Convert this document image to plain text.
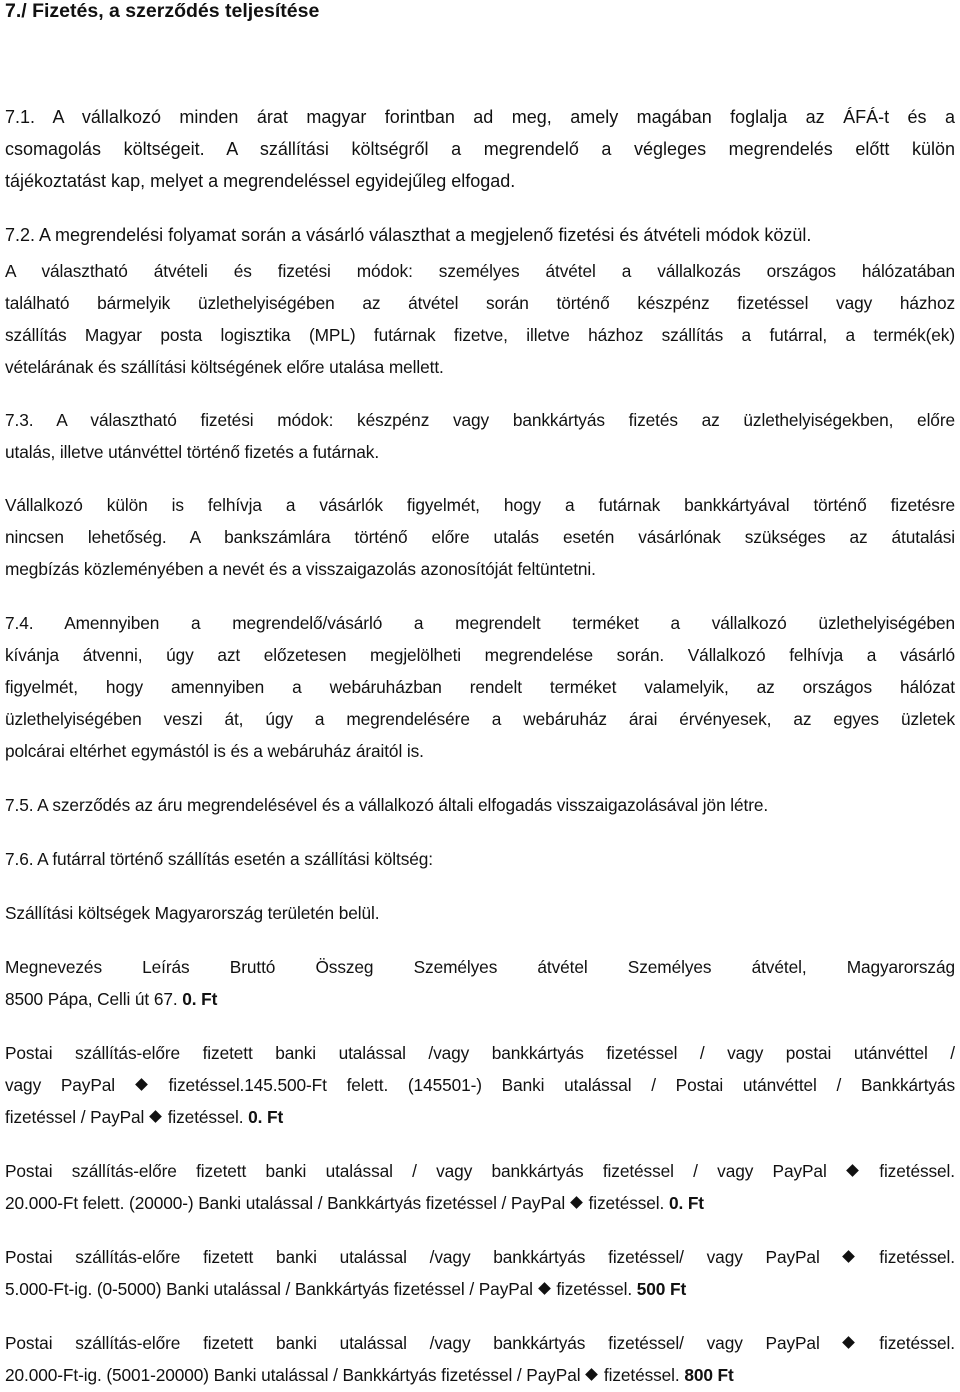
7./ Fizetés, a szerződés teljesítése
7.1. A vállalkozó minden árat magyar forintban ad meg, amely magában foglalja az ÁFÁ-t és a
csomagolás költségeit. A szállítási költségről a megrendelő a végleges megrendelés előtt külön
tájékoztatást kap, melyet a megrendeléssel egyidejűleg elfogad.
7.2. A megrendelési folyamat során a vásárló választhat a megjelenő fizetési és átvételi módok közül.
A választható átvételi és fizetési módok: személyes átvétel a vállalkozás országos hálózatában
található bármelyik üzlethelyiségében az átvétel során történő készpénz fizetéssel vagy házhoz
szállítás Magyar posta logisztika (MPL) futárnak fizetve, illetve házhoz szállítás a futárral, a termék(ek)
vételárának és szállítási költségének előre utalása mellett.
7.3. A választható fizetési módok: készpénz vagy bankkártyás fizetés az üzlethelyiségekben, előre
utalás, illetve utánvéttel történő fizetés a futárnak.
Vállalkozó külön is felhívja a vásárlók figyelmét, hogy a futárnak bankkártyával történő fizetésre
nincsen lehetőség. A bankszámlára történő előre utalás esetén vásárlónak szükséges az átutalási
megbízás közleményében a nevét és a visszaigazolás azonosítóját feltüntetni.
7.4. Amennyiben a megrendelő/vásárló a megrendelt terméket a vállalkozó üzlethelyiségében
kívánja átvenni, úgy azt előzetesen megjelölheti megrendelése során. Vállalkozó felhívja a vásárló
figyelmét, hogy amennyiben a webáruházban rendelt terméket valamelyik, az országos hálózat
üzlethelyiségében veszi át, úgy a megrendelésére a webáruház árai érvényesek, az egyes üzletek
polcárai eltérhet egymástól is és a webáruház áraitól is.
7.5. A szerződés az áru megrendelésével és a vállalkozó általi elfogadás visszaigazolásával jön létre.
7.6. A futárral történő szállítás esetén a szállítási költség:
Szállítási költségek Magyarország területén belül.
Megnevezés Leírás Bruttó Összeg Személyes átvétel Személyes átvétel, Magyarország
8500 Pápa, Celli út 67. 0. Ft
Postai szállítás-előre fizetett banki utalással /vagy bankkártyás fizetéssel / vagy postai utánvéttel /
vagy PayPal  fizetéssel.145.500-Ft felett. (145501-) Banki utalással / Postai utánvéttel / Bankkártyás
fizetéssel / PayPal  fizetéssel. 0. Ft
Postai szállítás-előre fizetett banki utalással / vagy bankkártyás fizetéssel / vagy PayPal  fizetéssel.
20.000-Ft felett. (20000-) Banki utalással / Bankkártyás fizetéssel / PayPal  fizetéssel. 0. Ft
Postai szállítás-előre fizetett banki utalással /vagy bankkártyás fizetéssel/ vagy PayPal  fizetéssel.
5.000-Ft-ig. (0-5000) Banki utalással / Bankkártyás fizetéssel / PayPal  fizetéssel. 500 Ft
Postai szállítás-előre fizetett banki utalással /vagy bankkártyás fizetéssel/ vagy PayPal  fizetéssel.
20.000-Ft-ig. (5001-20000) Banki utalással / Bankkártyás fizetéssel / PayPal  fizetéssel. 800 Ft
